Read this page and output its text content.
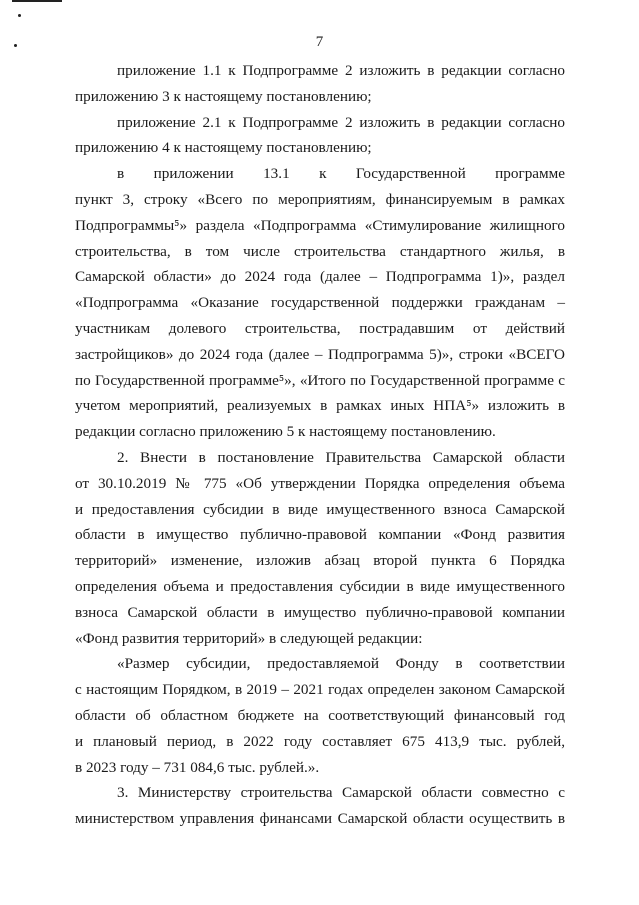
7
приложение 1.1 к Подпрограмме 2 изложить в редакции согласно
приложению 3 к настоящему постановлению;
приложение 2.1 к Подпрограмме 2 изложить в редакции согласно
приложению 4 к настоящему постановлению;
в приложении 13.1 к Государственной программе
пункт 3, строку «Всего по мероприятиям, финансируемым в рамках
Подпрограммы⁵» раздела «Подпрограмма «Стимулирование жилищного
строительства, в том числе строительства стандартного жилья, в
Самарской области» до 2024 года (далее – Подпрограмма 1)», раздел
«Подпрограмма «Оказание государственной поддержки гражданам –
участникам долевого строительства, пострадавшим от действий
застройщиков» до 2024 года (далее – Подпрограмма 5)», строки «ВСЕГО
по Государственной программе⁵», «Итого по Государственной программе с
учетом мероприятий, реализуемых в рамках иных НПА⁵» изложить в
редакции согласно приложению 5 к настоящему постановлению.
2. Внести в постановление Правительства Самарской области
от 30.10.2019 № 775 «Об утверждении Порядка определения объема
и предоставления субсидии в виде имущественного взноса Самарской
области в имущество публично-правовой компании «Фонд развития
территорий» изменение, изложив абзац второй пункта 6 Порядка
определения объема и предоставления субсидии в виде имущественного
взноса Самарской области в имущество публично-правовой компании
«Фонд развития территорий» в следующей редакции:
«Размер субсидии, предоставляемой Фонду в соответствии
с настоящим Порядком, в 2019 – 2021 годах определен законом Самарской
области об областном бюджете на соответствующий финансовый год
и плановый период, в 2022 году составляет 675 413,9 тыс. рублей,
в 2023 году – 731 084,6 тыс. рублей.».
3. Министерству строительства Самарской области совместно с
министерством управления финансами Самарской области осуществить в
